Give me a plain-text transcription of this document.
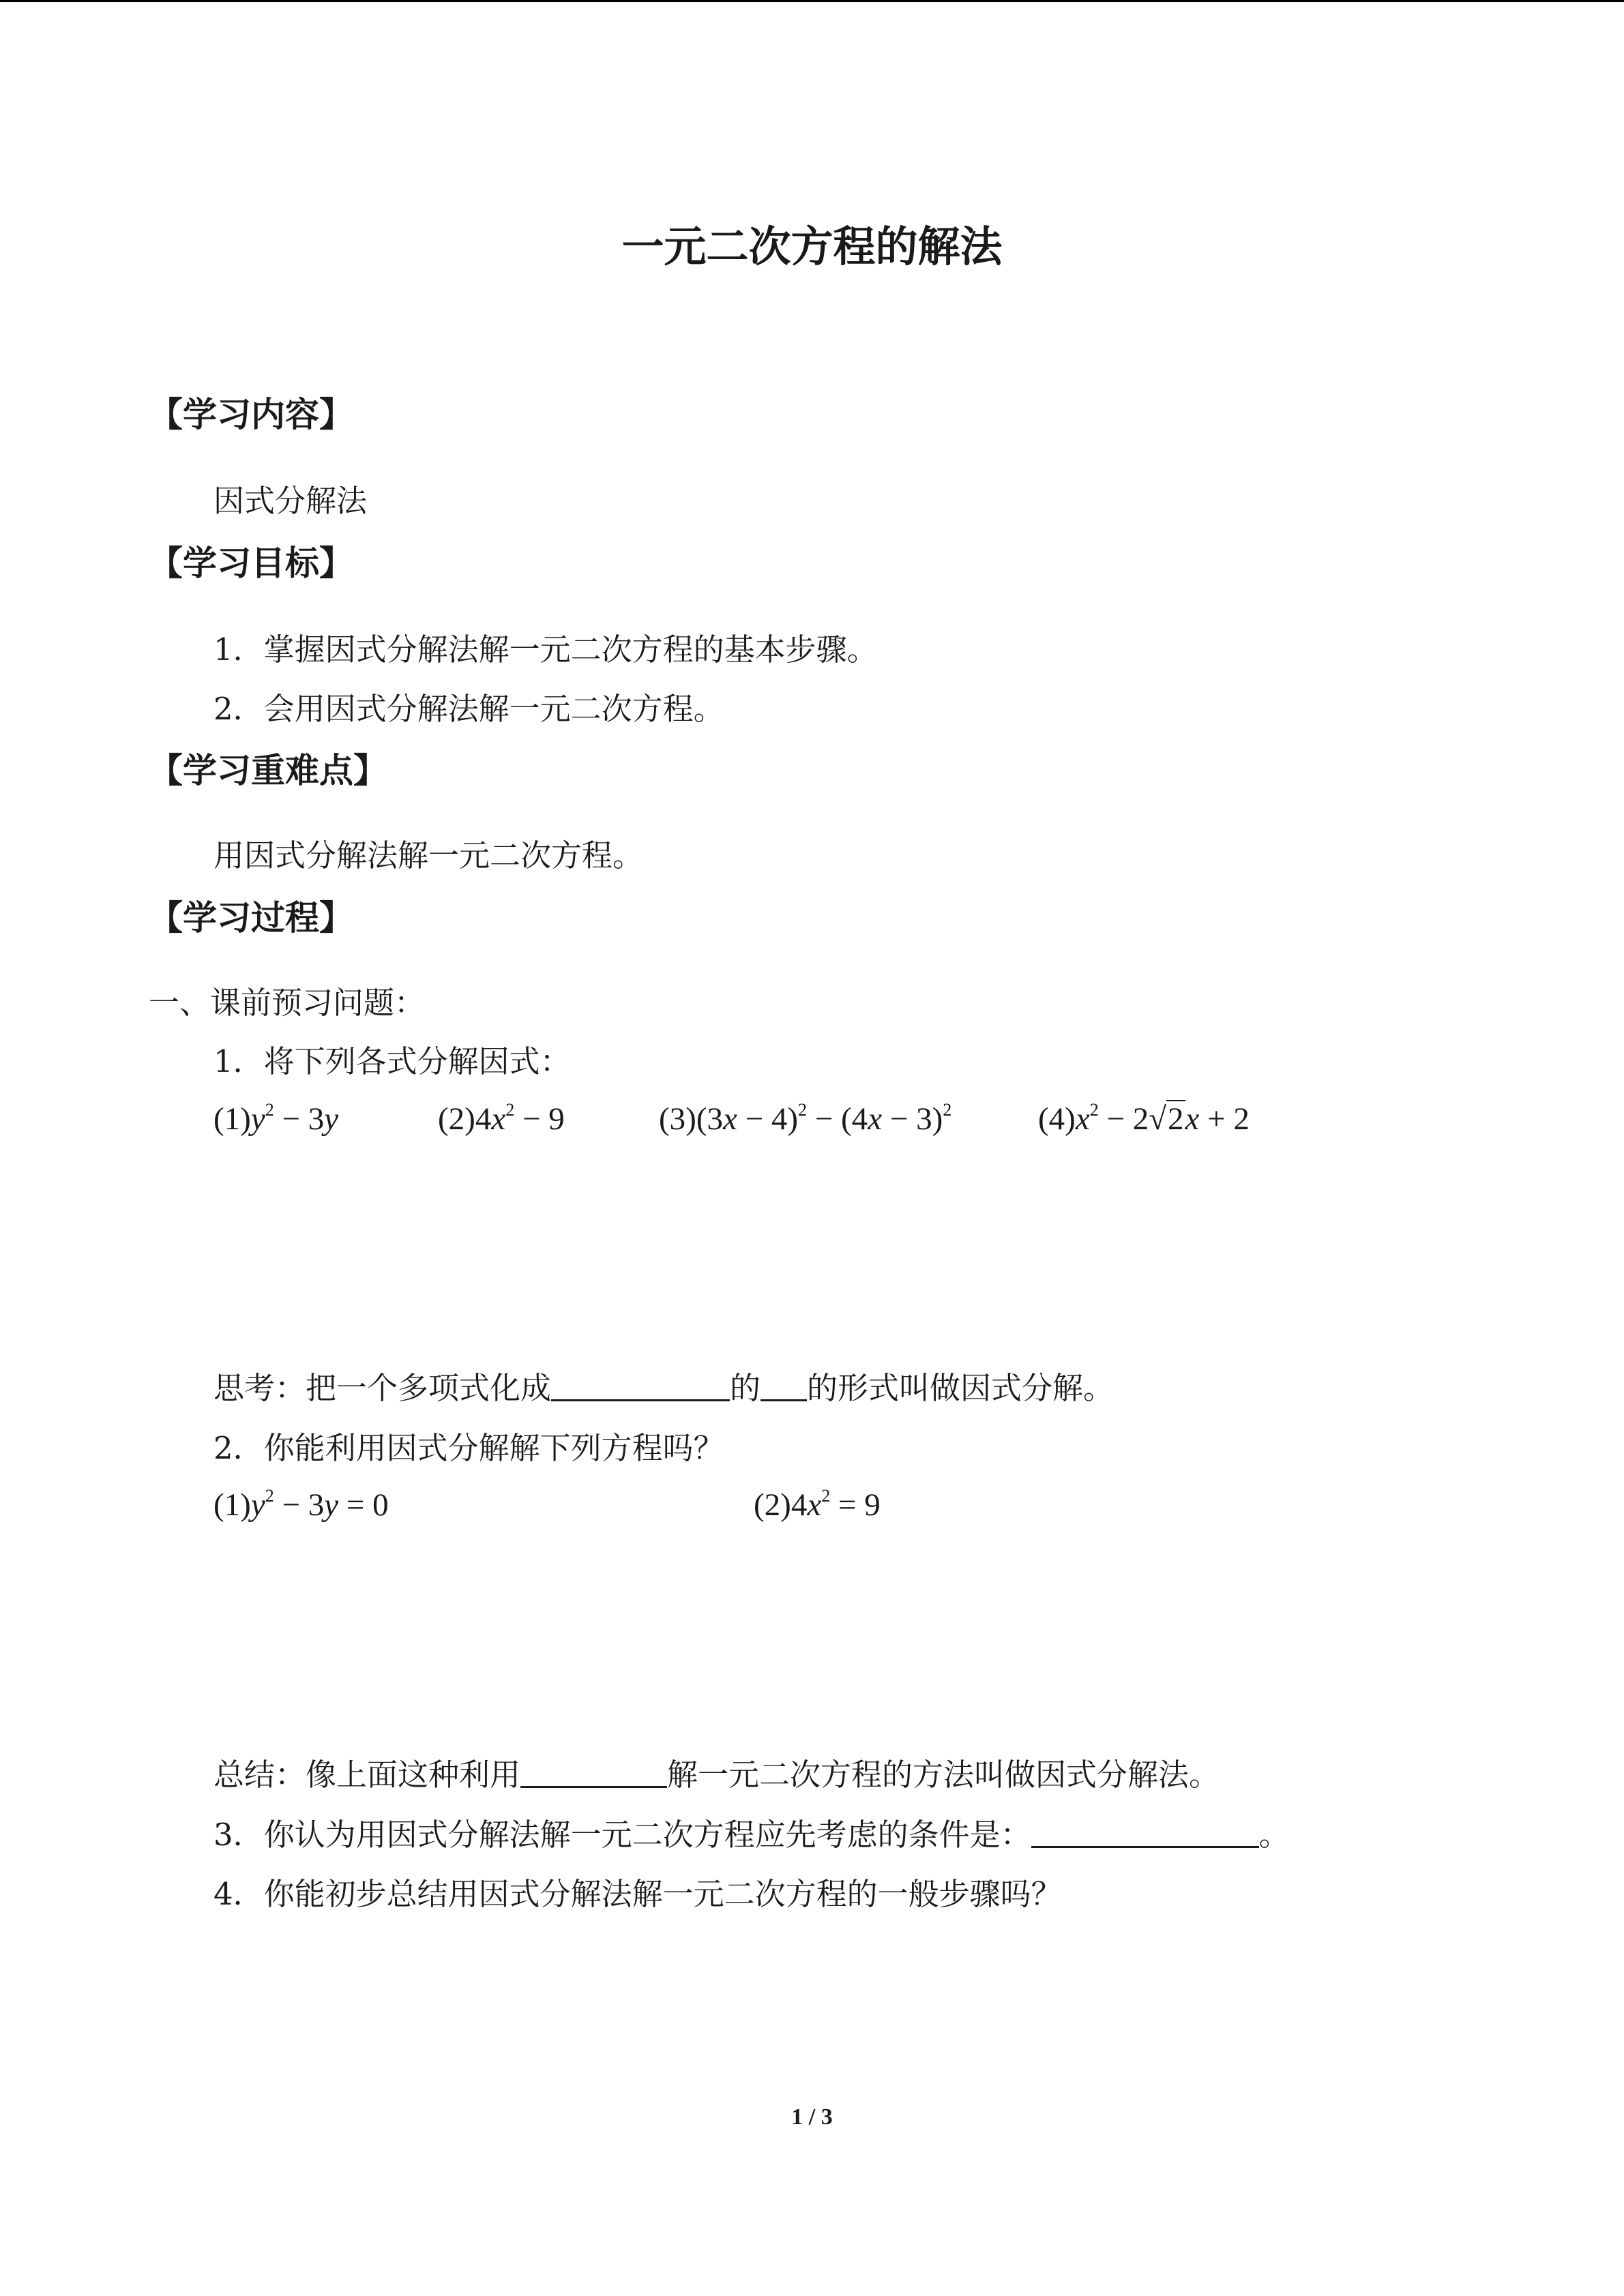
一元二次方程的解法
【学习内容】
因式分解法
【学习目标】
1．掌握因式分解法解一元二次方程的基本步骤。
2．会用因式分解法解一元二次方程。
【学习重难点】
用因式分解法解一元二次方程。
【学习过程】
一、课前预习问题：
1．将下列各式分解因式：
$(1)y^2 - 3y$	$(2)4x^2 - 9$	$(3)(3x - 4)^2 - (4x - 3)^2$	$(4)x^2 - 2√2x + 2$
思考：把一个多项式化成	的 的形式叫做因式分解。
2．你能利用因式分解解下列方程吗？
$(1)y^2 - 3y = 0$	$(2)4x^2 = 9$
总结：像上面这种利用	解一元二次方程的方法叫做因式分解法。
3．你认为用因式分解法解一元二次方程应先考虑的条件是：	。
4．你能初步总结用因式分解法解一元二次方程的一般步骤吗？
1 / 3
